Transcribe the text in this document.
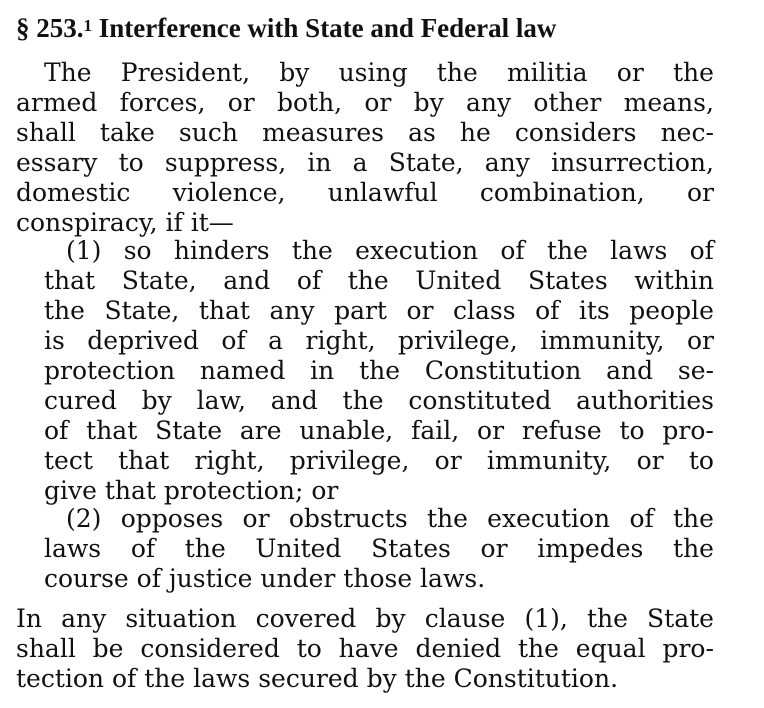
§ 253.$^1$ Interference with State and Federal law
The President, by using the militia or the
armed forces, or both, or by any other means,
shall take such measures as he considers nec-
essary to suppress, in a State, any insurrection,
domestic violence, unlawful combination, or
conspiracy, if it—
(1) so hinders the execution of the laws of
that State, and of the United States within
the State, that any part or class of its people
is deprived of a right, privilege, immunity, or
protection named in the Constitution and se-
cured by law, and the constituted authorities
of that State are unable, fail, or refuse to pro-
tect that right, privilege, or immunity, or to
give that protection; or
(2) opposes or obstructs the execution of the
laws of the United States or impedes the
course of justice under those laws.
In any situation covered by clause (1), the State
shall be considered to have denied the equal pro-
tection of the laws secured by the Constitution.
